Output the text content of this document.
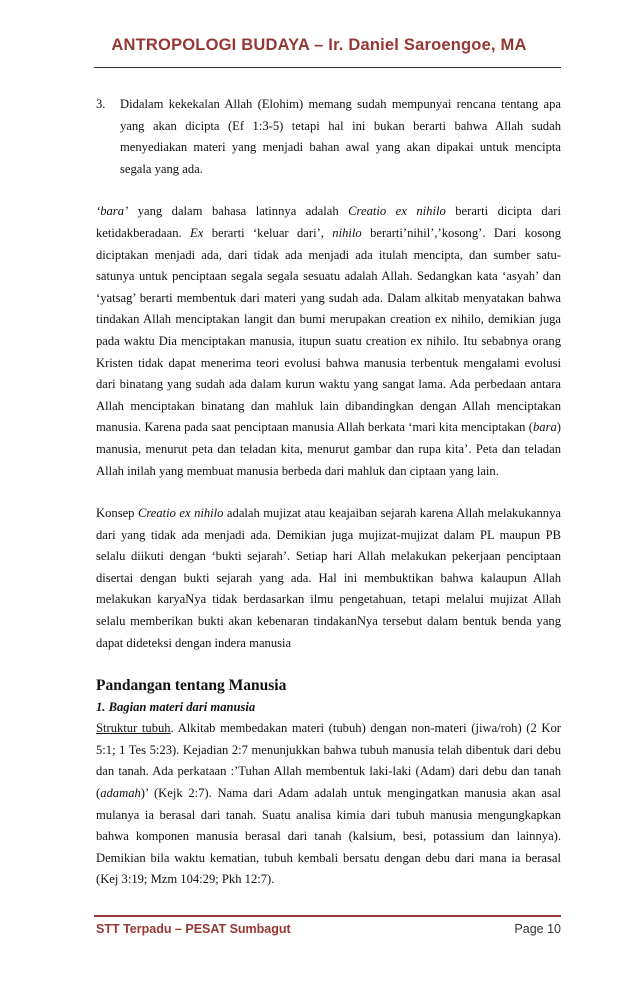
ANTROPOLOGI BUDAYA – Ir. Daniel Saroengoe, MA

3. Didalam kekekalan Allah (Elohim) memang sudah mempunyai rencana tentang apa yang akan dicipta (Ef 1:3-5) tetapi hal ini bukan berarti bahwa Allah sudah menyediakan materi yang menjadi bahan awal yang akan dipakai untuk mencipta segala yang ada.

‘bara’ yang dalam bahasa latinnya adalah Creatio ex nihilo berarti dicipta dari ketidakberadaan. Ex berarti ‘keluar dari’, nihilo berarti’nihil’,’kosong’. Dari kosong diciptakan menjadi ada, dari tidak ada menjadi ada itulah mencipta, dan sumber satu-satunya untuk penciptaan segala segala sesuatu adalah Allah. Sedangkan kata ‘asyah’ dan ‘yatsag’ berarti membentuk dari materi yang sudah ada. Dalam alkitab menyatakan bahwa tindakan Allah menciptakan langit dan bumi merupakan creation ex nihilo, demikian juga pada waktu Dia menciptakan manusia, itupun suatu creation ex nihilo. Itu sebabnya orang Kristen tidak dapat menerima teori evolusi bahwa manusia terbentuk mengalami evolusi dari binatang yang sudah ada dalam kurun waktu yang sangat lama. Ada perbedaan antara Allah menciptakan binatang dan mahluk lain dibandingkan dengan Allah menciptakan manusia. Karena pada saat penciptaan manusia Allah berkata ‘mari kita menciptakan (bara) manusia, menurut peta dan teladan kita, menurut gambar dan rupa kita’. Peta dan teladan Allah inilah yang membuat manusia berbeda dari mahluk dan ciptaan yang lain.

Konsep Creatio ex nihilo adalah mujizat atau keajaiban sejarah karena Allah melakukannya dari yang tidak ada menjadi ada. Demikian juga mujizat-mujizat dalam PL maupun PB selalu diikuti dengan ‘bukti sejarah’. Setiap hari Allah melakukan pekerjaan penciptaan disertai dengan bukti sejarah yang ada. Hal ini membuktikan bahwa kalaupun Allah melakukan karyaNya tidak berdasarkan ilmu pengetahuan, tetapi melalui mujizat Allah selalu memberikan bukti akan kebenaran tindakanNya tersebut dalam bentuk benda yang dapat dideteksi dengan indera manusia

Pandangan tentang Manusia
1. Bagian materi dari manusia

Struktur tubuh. Alkitab membedakan materi (tubuh) dengan non-materi (jiwa/roh) (2 Kor 5:1; 1 Tes 5:23). Kejadian 2:7 menunjukkan bahwa tubuh manusia telah dibentuk dari debu dan tanah. Ada perkataan :’Tuhan Allah membentuk laki-laki (Adam) dari debu dan tanah (adamah)’ (Kejk 2:7). Nama dari Adam adalah untuk mengingatkan manusia akan asal mulanya ia berasal dari tanah. Suatu analisa kimia dari tubuh manusia mengungkapkan bahwa komponen manusia berasal dari tanah (kalsium, besi, potassium dan lainnya). Demikian bila waktu kematian, tubuh kembali bersatu dengan debu dari mana ia berasal (Kej 3:19; Mzm 104:29; Pkh 12:7).

STT Terpadu – PESAT Sumbagut	Page 10
